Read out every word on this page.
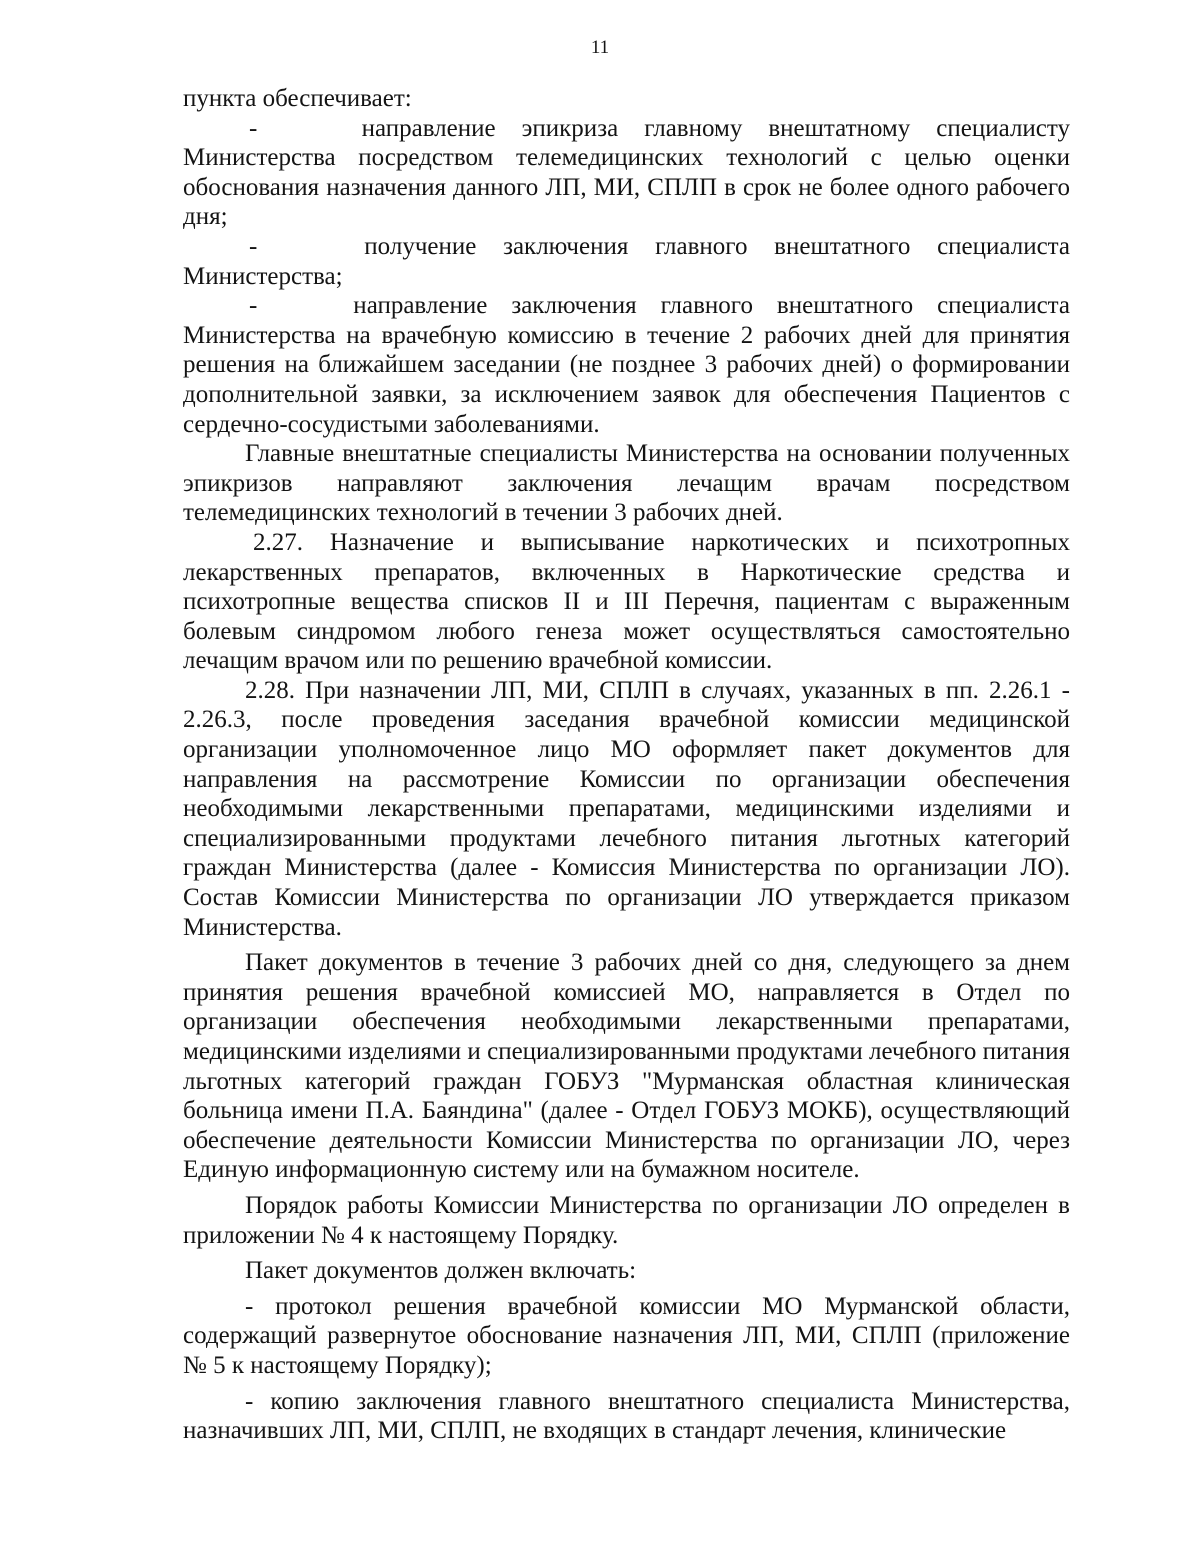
11

пункта обеспечивает:

-    направление эпикриза главному внештатному специалисту Министерства посредством телемедицинских технологий с целью оценки обоснования назначения данного ЛП, МИ, СПЛП в срок не более одного рабочего дня;

-    получение заключения главного внештатного специалиста Министерства;

-    направление заключения главного внештатного специалиста Министерства на врачебную комиссию в течение 2 рабочих дней для принятия решения на ближайшем заседании (не позднее 3 рабочих дней) о формировании дополнительной заявки, за исключением заявок для обеспечения Пациентов с сердечно-сосудистыми заболеваниями.

Главные внештатные специалисты Министерства на основании полученных эпикризов направляют заключения лечащим врачам посредством телемедицинских технологий в течении 3 рабочих дней.

2.27. Назначение и выписывание наркотических и психотропных лекарственных препаратов, включенных в Наркотические средства и психотропные вещества списков II и III Перечня, пациентам с выраженным болевым синдромом любого генеза может осуществляться самостоятельно лечащим врачом или по решению врачебной комиссии.

2.28. При назначении ЛП, МИ, СПЛП в случаях, указанных в пп. 2.26.1 - 2.26.3, после проведения заседания врачебной комиссии медицинской организации уполномоченное лицо МО оформляет пакет документов для направления на рассмотрение Комиссии по организации обеспечения необходимыми лекарственными препаратами, медицинскими изделиями и специализированными продуктами лечебного питания льготных категорий граждан Министерства (далее - Комиссия Министерства по организации ЛО). Состав Комиссии Министерства по организации ЛО утверждается приказом Министерства.

Пакет документов в течение 3 рабочих дней со дня, следующего за днем принятия решения врачебной комиссией МО, направляется в Отдел по организации обеспечения необходимыми лекарственными препаратами, медицинскими изделиями и специализированными продуктами лечебного питания льготных категорий граждан ГОБУЗ "Мурманская областная клиническая больница имени П.А. Баяндина" (далее - Отдел ГОБУЗ МОКБ), осуществляющий обеспечение деятельности Комиссии Министерства по организации ЛО, через Единую информационную систему или на бумажном носителе.

Порядок работы Комиссии Министерства по организации ЛО определен в приложении № 4 к настоящему Порядку.

Пакет документов должен включать:

- протокол решения врачебной комиссии МО Мурманской области, содержащий развернутое обоснование назначения ЛП, МИ, СПЛП (приложение № 5 к настоящему Порядку);

- копию заключения главного внештатного специалиста Министерства, назначивших ЛП, МИ, СПЛП, не входящих в стандарт лечения, клинические
